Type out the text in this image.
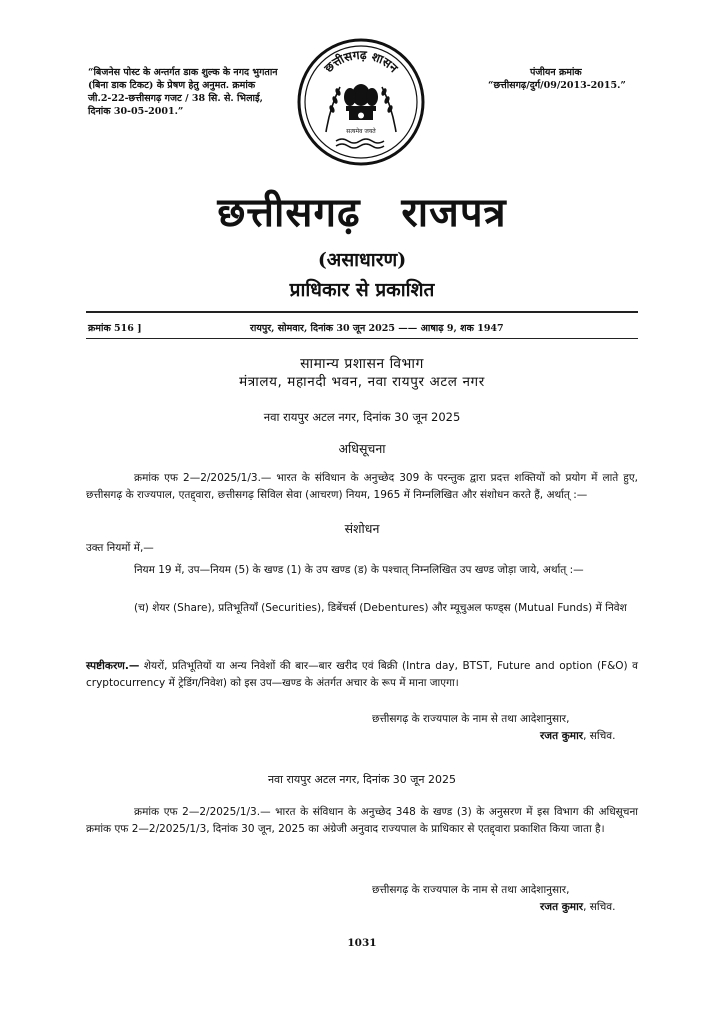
“बिजनेस पोस्ट के अन्तर्गत डाक शुल्क के नगद भुगतान (बिना डाक टिकट) के प्रेषण हेतु अनुमत. क्रमांक जी.2-22-छत्तीसगढ़ गजट / 38 सि. से. भिलाई, दिनांक 30-05-2001.”
पंजीयन क्रमांक
“छत्तीसगढ़/दुर्ग/09/2013-2015.”
छत्तीसगढ़ शासन
सत्यमेव जयते
छत्तीसगढ़ राजपत्र
(असाधारण)
प्राधिकार से प्रकाशित
क्रमांक 516 ]	रायपुर, सोमवार, दिनांक 30 जून 2025 —— आषाढ़ 9, शक 1947
सामान्य प्रशासन विभाग
मंत्रालय, महानदी भवन, नवा रायपुर अटल नगर
नवा रायपुर अटल नगर, दिनांक 30 जून 2025
अधिसूचना
क्रमांक एफ 2—2/2025/1/3.— भारत के संविधान के अनुच्छेद 309 के परन्तुक द्वारा प्रदत्त शक्तियों को प्रयोग में लाते हुए, छत्तीसगढ़ के राज्यपाल, एतद्द्वारा, छत्तीसगढ़ सिविल सेवा (आचरण) नियम, 1965 में निम्नलिखित और संशोधन करते हैं, अर्थात् :—
संशोधन
उक्त नियमों में,—
नियम 19 में, उप—नियम (5) के खण्ड (1) के उप खण्ड (ड) के पश्चात् निम्नलिखित उप खण्ड जोड़ा जाये, अर्थात् :—
(च) शेयर (Share), प्रतिभूतियॉं (Securities), डिबेंचर्स (Debentures) और म्यूचुअल फण्ड्स (Mutual Funds) में निवेश
स्पष्टीकरण.— शेयरों, प्रतिभूतियों या अन्य निवेशों की बार—बार खरीद एवं बिक्री (Intra day, BTST, Future and option (F&O) व cryptocurrency में ट्रेडिंग/निवेश) को इस उप—खण्ड के अंतर्गत अचार के रूप में माना जाएगा।
छत्तीसगढ़ के राज्यपाल के नाम से तथा आदेशानुसार,
रजत कुमार, सचिव.
नवा रायपुर अटल नगर, दिनांक 30 जून 2025
क्रमांक एफ 2—2/2025/1/3.— भारत के संविधान के अनुच्छेद 348 के खण्ड (3) के अनुसरण में इस विभाग की अधिसूचना क्रमांक एफ 2—2/2025/1/3, दिनांक 30 जून, 2025 का अंग्रेजी अनुवाद राज्यपाल के प्राधिकार से एतद्द्वारा प्रकाशित किया जाता है।
छत्तीसगढ़ के राज्यपाल के नाम से तथा आदेशानुसार,
रजत कुमार, सचिव.
1031
